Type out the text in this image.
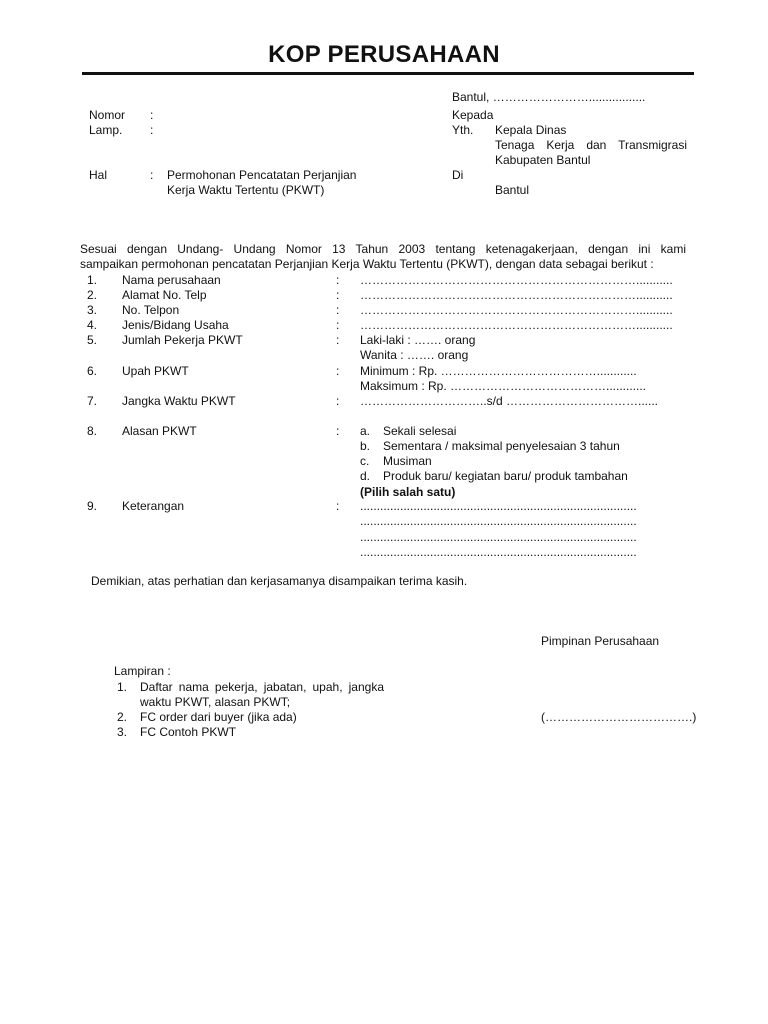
KOP PERUSAHAAN
Bantul, …………………….................
Nomor :
Lamp. :
Hal	: Permohonan Pencatatan Perjanjian
Kerja Waktu Tertentu (PKWT)
Kepada
Yth. Kepala Dinas
Tenaga Kerja dan Transmigrasi
Kabupaten Bantul
Di
Bantul
Sesuai dengan Undang- Undang Nomor 13 Tahun 2003 tentang ketenagakerjaan, dengan ini kami
sampaikan permohonan pencatatan Perjanjian Kerja Waktu Tertentu (PKWT), dengan data sebagai berikut :
1. Nama perusahaan	: ……………………………………………………………...........
2. Alamat No. Telp	: ……………………………………………………………...........
3. No. Telpon	: ……………………………………………………………...........
4. Jenis/Bidang Usaha	: ……………………………………………………………...........
5. Jumlah Pekerja PKWT	: Laki-laki : ……. orang
Wanita : ……. orang
6. Upah PKWT	: Minimum : Rp. …………………………………............
Maksimum : Rp. …………………………………............
7. Jangka Waktu PKWT	: …………………………..s/d ……………………………......
8. Alasan PKWT	: a. Sekali selesai
b. Sementara / maksimal penyelesaian 3 tahun
c. Musiman
d. Produk baru/ kegiatan baru/ produk tambahan
(Pilih salah satu)
9. Keterangan	: ...................................................................................
...................................................................................
...................................................................................
...................................................................................
Demikian, atas perhatian dan kerjasamanya disampaikan terima kasih.
Pimpinan Perusahaan
(……………………………….)
Lampiran :
1. Daftar nama pekerja, jabatan, upah, jangka
waktu PKWT, alasan PKWT;
2. FC order dari buyer (jika ada)
3. FC Contoh PKWT
